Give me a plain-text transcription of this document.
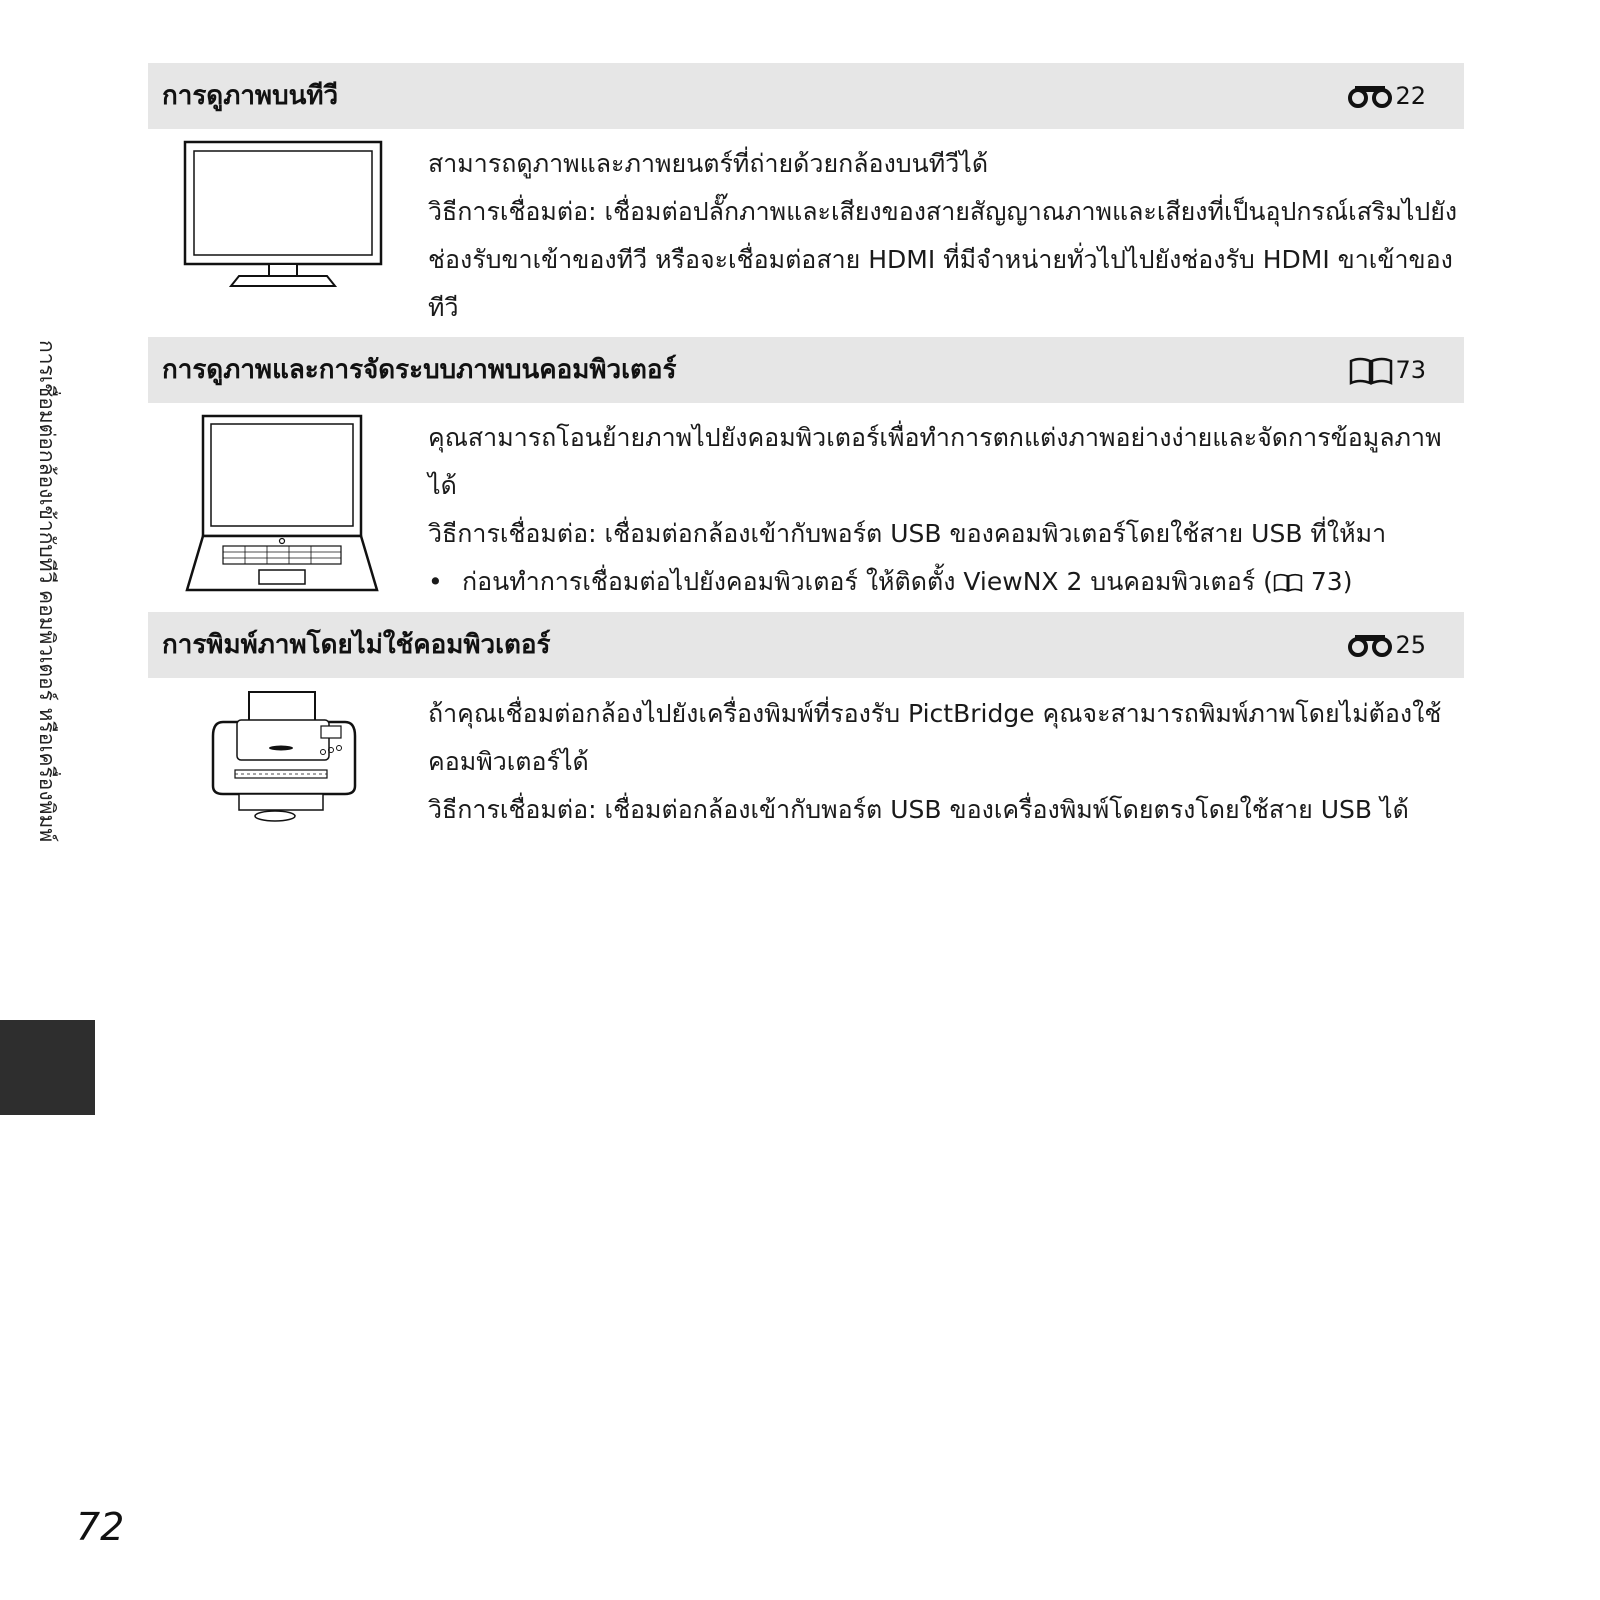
การเชื่อมต่อกล้องเข้ากับทีวี คอมพิวเตอร์ หรือเครื่องพิมพ์
การดูภาพบนทีวี	22

สามารถดูภาพและภาพยนตร์ที่ถ่ายด้วยกล้องบนทีวีได้

วิธีการเชื่อมต่อ: เชื่อมต่อปลั๊กภาพและเสียงของสายสัญญาณภาพและเสียงที่เป็นอุปกรณ์เสริมไปยังช่องรับขาเข้าของทีวี หรือจะเชื่อมต่อสาย HDMI ที่มีจำหน่ายทั่วไปไปยังช่องรับ HDMI ขาเข้าของทีวี

การดูภาพและการจัดระบบภาพบนคอมพิวเตอร์	73

คุณสามารถโอนย้ายภาพไปยังคอมพิวเตอร์เพื่อทำการตกแต่งภาพอย่างง่ายและจัดการข้อมูลภาพได้

วิธีการเชื่อมต่อ: เชื่อมต่อกล้องเข้ากับพอร์ต USB ของคอมพิวเตอร์โดยใช้สาย USB ที่ให้มา

• ก่อนทำการเชื่อมต่อไปยังคอมพิวเตอร์ ให้ติดตั้ง ViewNX 2 บนคอมพิวเตอร์ ( 73)

การพิมพ์ภาพโดยไม่ใช้คอมพิวเตอร์	25

ถ้าคุณเชื่อมต่อกล้องไปยังเครื่องพิมพ์ที่รองรับ PictBridge คุณจะสามารถพิมพ์ภาพโดยไม่ต้องใช้คอมพิวเตอร์ได้

วิธีการเชื่อมต่อ: เชื่อมต่อกล้องเข้ากับพอร์ต USB ของเครื่องพิมพ์โดยตรงโดยใช้สาย USB ได้

72
